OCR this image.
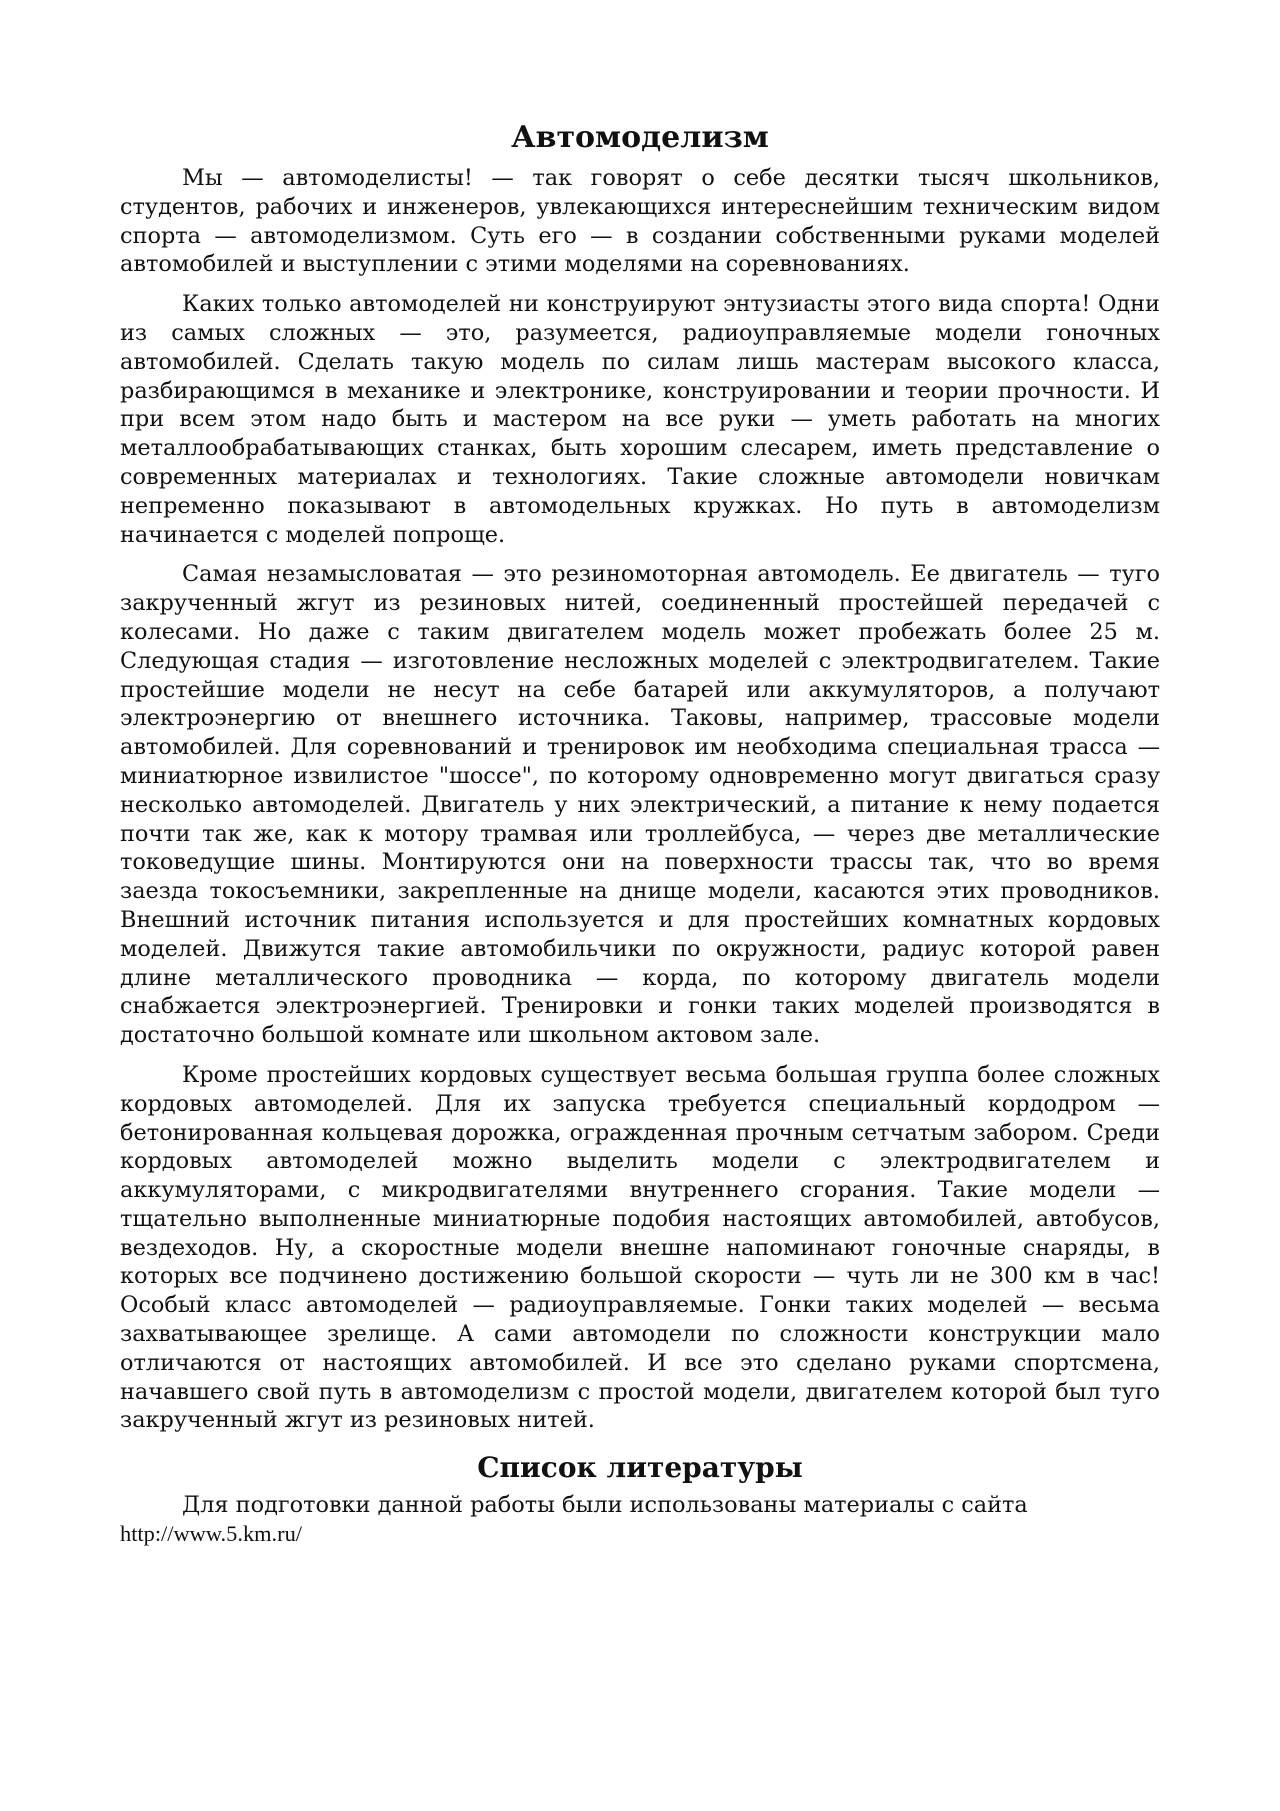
Автомоделизм

Мы — автомоделисты! — так говорят о себе десятки тысяч школьников, студентов, рабочих и инженеров, увлекающихся интереснейшим техническим видом спорта — автомоделизмом. Суть его — в создании собственными руками моделей автомобилей и выступлении с этими моделями на соревнованиях.

Каких только автомоделей ни конструируют энтузиасты этого вида спорта! Одни из самых сложных — это, разумеется, радиоуправляемые модели гоночных автомобилей. Сделать такую модель по силам лишь мастерам высокого класса, разбирающимся в механике и электронике, конструировании и теории прочности. И при всем этом надо быть и мастером на все руки — уметь работать на многих металлообрабатывающих станках, быть хорошим слесарем, иметь представление о современных материалах и технологиях. Такие сложные автомодели новичкам непременно показывают в автомодельных кружках. Но путь в автомоделизм начинается с моделей попроще.

Самая незамысловатая — это резиномоторная автомодель. Ее двигатель — туго закрученный жгут из резиновых нитей, соединенный простейшей передачей с колесами. Но даже с таким двигателем модель может пробежать более 25 м. Следующая стадия — изготовление несложных моделей с электродвигателем. Такие простейшие модели не несут на себе батарей или аккумуляторов, а получают электроэнергию от внешнего источника. Таковы, например, трассовые модели автомобилей. Для соревнований и тренировок им необходима специальная трасса — миниатюрное извилистое "шоссе", по которому одновременно могут двигаться сразу несколько автомоделей. Двигатель у них электрический, а питание к нему подается почти так же, как к мотору трамвая или троллейбуса, — через две металлические токоведущие шины. Монтируются они на поверхности трассы так, что во время заезда токосъемники, закрепленные на днище модели, касаются этих проводников. Внешний источник питания используется и для простейших комнатных кордовых моделей. Движутся такие автомобильчики по окружности, радиус которой равен длине металлического проводника — корда, по которому двигатель модели снабжается электроэнергией. Тренировки и гонки таких моделей производятся в достаточно большой комнате или школьном актовом зале.

Кроме простейших кордовых существует весьма большая группа более сложных кордовых автомоделей. Для их запуска требуется специальный кордодром — бетонированная кольцевая дорожка, огражденная прочным сетчатым забором. Среди кордовых автомоделей можно выделить модели с электродвигателем и аккумуляторами, с микродвигателями внутреннего сгорания. Такие модели — тщательно выполненные миниатюрные подобия настоящих автомобилей, автобусов, вездеходов. Ну, а скоростные модели внешне напоминают гоночные снаряды, в которых все подчинено достижению большой скорости — чуть ли не 300 км в час! Особый класс автомоделей — радиоуправляемые. Гонки таких моделей — весьма захватывающее зрелище. А сами автомодели по сложности конструкции мало отличаются от настоящих автомобилей. И все это сделано руками спортсмена, начавшего свой путь в автомоделизм с простой модели, двигателем которой был туго закрученный жгут из резиновых нитей.

Список литературы

Для подготовки данной работы были использованы материалы с сайта http://www.5.km.ru/
